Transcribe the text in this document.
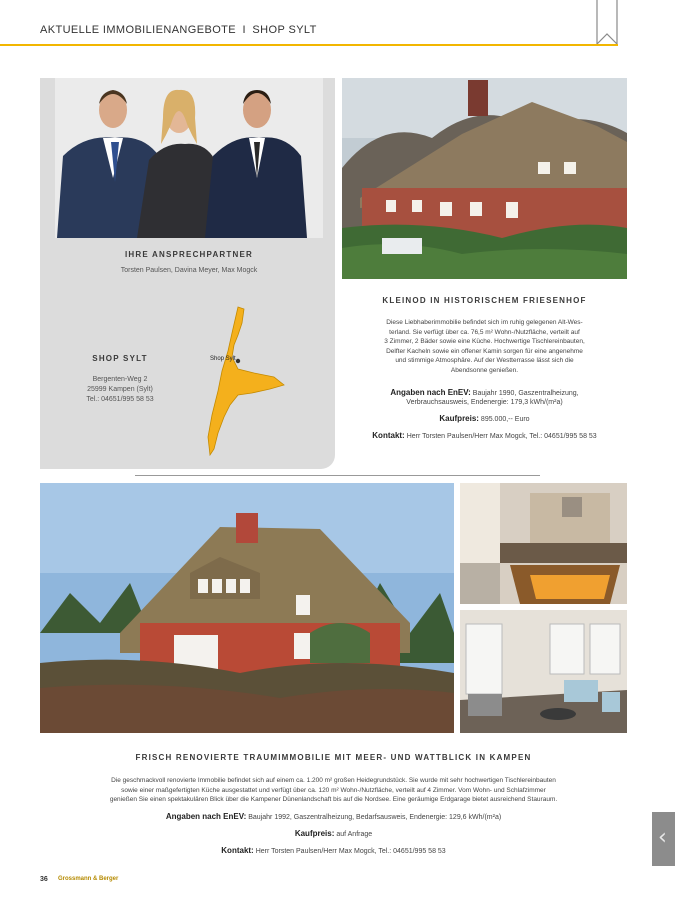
AKTUELLE IMMOBILIENANGEBOTE I SHOP SYLT
IHRE ANSPRECHPARTNER
Torsten Paulsen, Davina Meyer, Max Mogck
SHOP SYLT
Bergenten-Weg 2
25999 Kampen (Sylt)
Tel.: 04651/995 58 53
Shop Sylt
KLEINOD IN HISTORISCHEM FRIESENHOF
Diese Liebhaberimmobilie befindet sich im ruhig gelegenen Alt-Wes-
terland. Sie verfügt über ca. 76,5 m² Wohn-/Nutzfläche, verteilt auf
3 Zimmer, 2 Bäder sowie eine Küche. Hochwertige Tischlereinbauten,
Delfter Kacheln sowie ein offener Kamin sorgen für eine angenehme
und stimmige Atmosphäre. Auf der Westterrasse lässt sich die
Abendsonne genießen.
Angaben nach EnEV: Baujahr 1990, Gaszentralheizung,
Verbrauchsausweis, Endenergie: 179,3 kWh/(m²a)
Kaufpreis: 895.000,-- Euro
Kontakt: Herr Torsten Paulsen/Herr Max Mogck, Tel.: 04651/995 58 53
FRISCH RENOVIERTE TRAUMIMMOBILIE MIT MEER- UND WATTBLICK IN KAMPEN
Die geschmackvoll renovierte Immobilie befindet sich auf einem ca. 1.200 m² großen Heidegrundstück. Sie wurde mit sehr hochwertigen Tischlereinbauten
sowie einer maßgefertigten Küche ausgestattet und verfügt über ca. 120 m² Wohn-/Nutzfläche, verteilt auf 4 Zimmer. Vom Wohn- und Schlafzimmer
genießen Sie einen spektakulären Blick über die Kampener Dünenlandschaft bis auf die Nordsee. Eine geräumige Erdgarage bietet ausreichend Stauraum.
Angaben nach EnEV: Baujahr 1992, Gaszentralheizung, Bedarfsausweis, Endenergie: 129,6 kWh/(m²a)
Kaufpreis: auf Anfrage
Kontakt: Herr Torsten Paulsen/Herr Max Mogck, Tel.: 04651/995 58 53
36 Grossmann & Berger
‹
